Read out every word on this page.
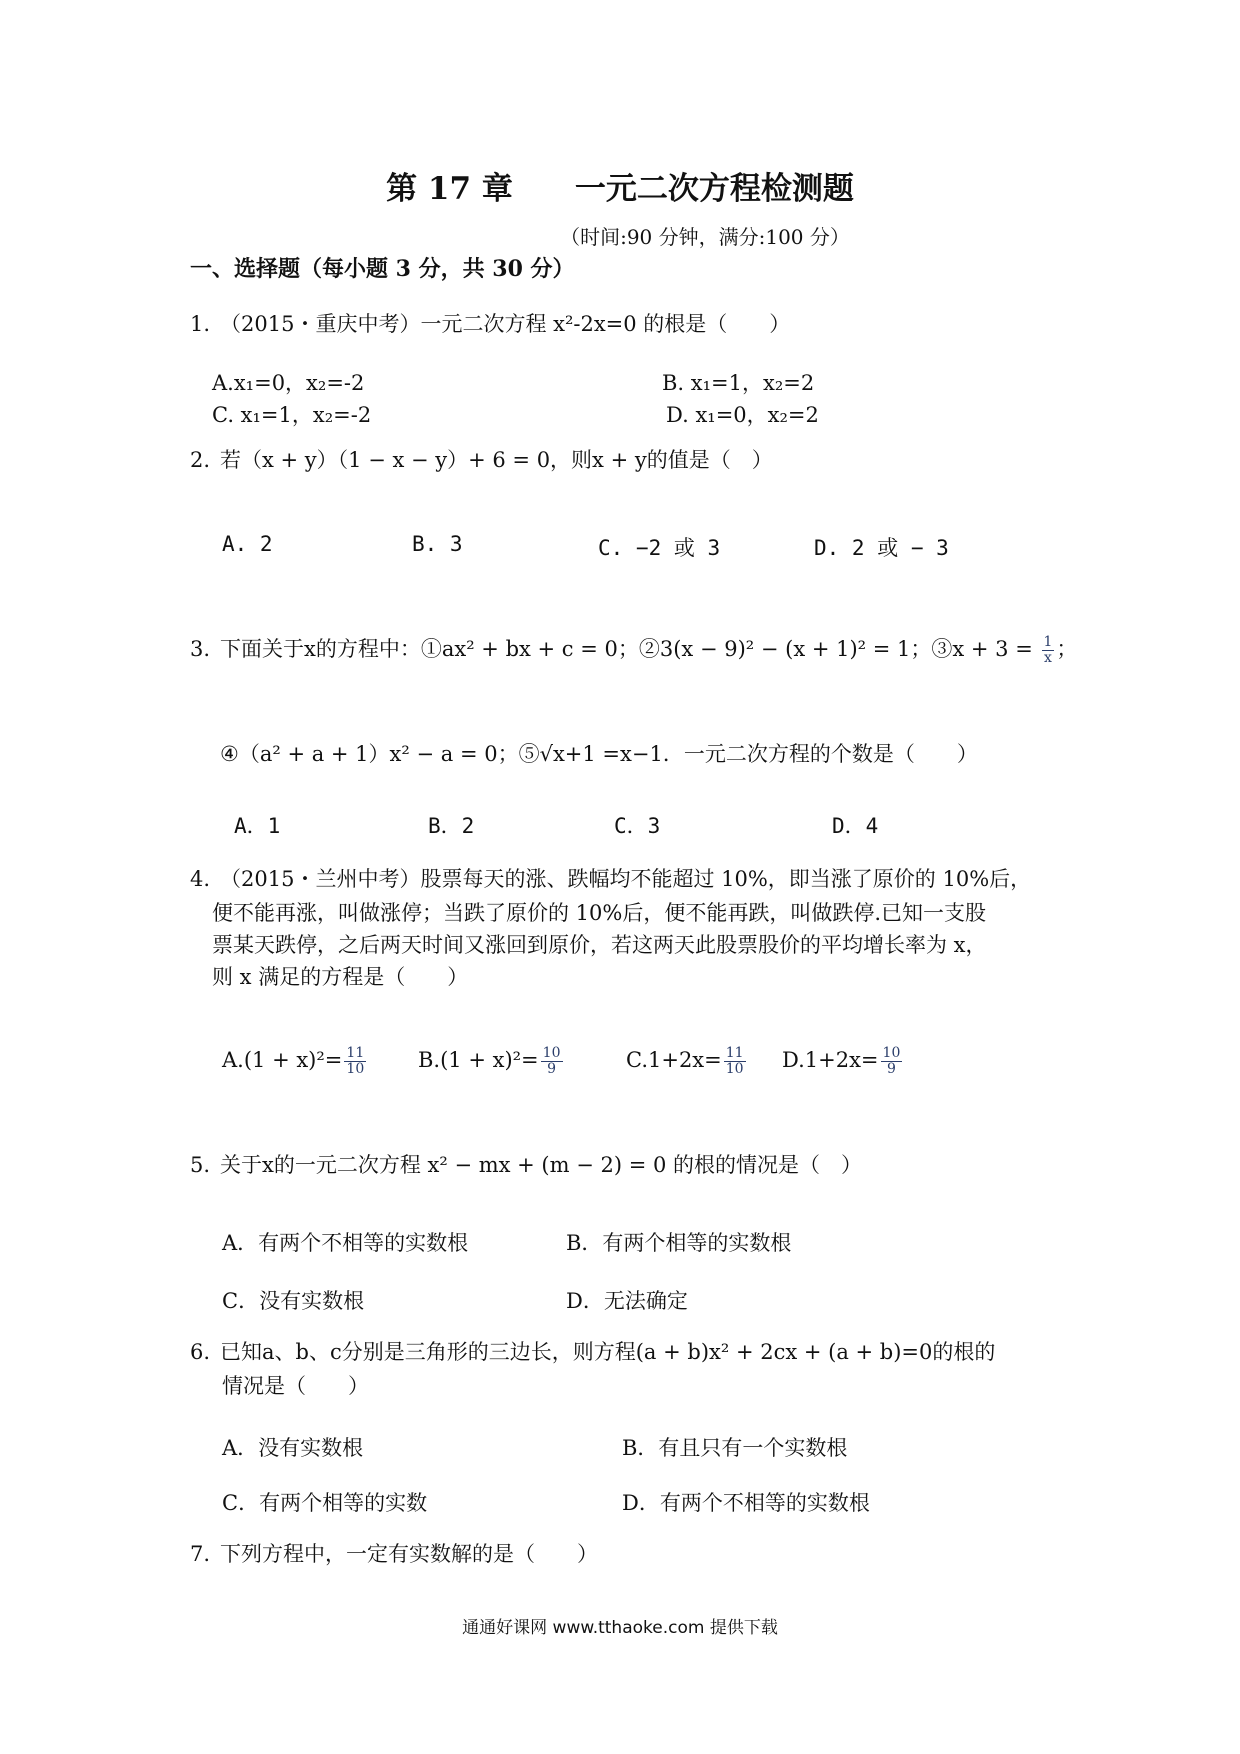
第 17 章　　一元二次方程检测题
（时间:90 分钟，满分:100 分）
一、选择题（每小题 3 分，共 30 分）
1. （2015・重庆中考）一元二次方程 x²-2x=0 的根是（　　）
A.x₁=0，x₂=-2	B. x₁=1，x₂=2
C. x₁=1，x₂=-2	D. x₁=0，x₂=2
2. 若（x + y）（1 − x − y）+ 6 = 0，则x + y的值是（　）
A. 2	B. 3	C. −2 或 3	D. 2 或 − 3
3. 下面关于x的方程中：①ax² + bx + c = 0；②3(x − 9)² − (x + 1)² = 1；③x + $3 = \frac{1}{x}$ ；
④（a² + a + 1）x² − a = 0；⑤√x+1 =x−1．一元二次方程的个数是（　　）
A．1	B．2	C．3	D．4
4. （2015・兰州中考）股票每天的涨、跌幅均不能超过 10%，即当涨了原价的 10%后，
便不能再涨，叫做涨停；当跌了原价的 10%后，便不能再跌，叫做跌停.已知一支股
票某天跌停，之后两天时间又涨回到原价，若这两天此股票股价的平均增长率为 x，
则 x 满足的方程是（　　）
$A.(1 + x)^2= \frac{11}{10} B.(1 + x)^2= \frac{10}{9}$	$C.1+2x= \frac{11}{10} D.1+2x= \frac{10}{9}$
5. 关于x的一元二次方程 x² − mx + (m − 2) = 0 的根的情况是（　）
A．有两个不相等的实数根	B．有两个相等的实数根
C．没有实数根	D．无法确定
6. 已知a、b、c分别是三角形的三边长，则方程(a + b)x² + 2cx + (a + b)=0的根的
情况是（　　）
A．没有实数根	B．有且只有一个实数根
C．有两个相等的实数	D．有两个不相等的实数根
7. 下列方程中，一定有实数解的是（　　）
通通好课网 www.tthaoke.com 提供下载
